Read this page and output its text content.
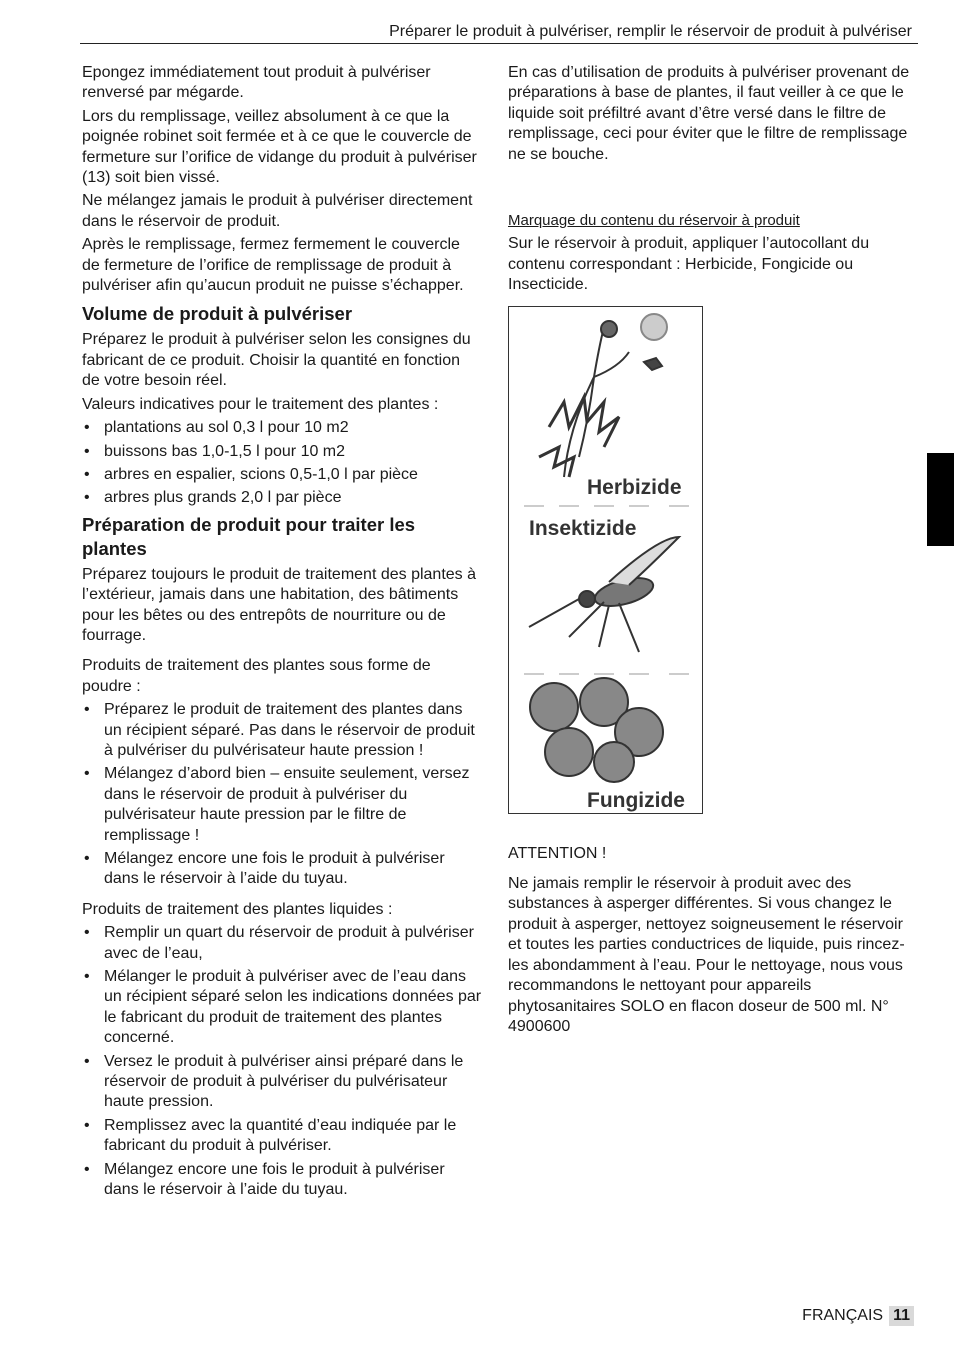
Préparer le produit à pulvériser, remplir le réservoir de produit à pulvériser

Epongez immédiatement tout produit à pulvériser renversé par mégarde.

Lors du remplissage, veillez absolument à ce que la poignée robinet soit fermée et à ce que le couvercle de fermeture sur l’orifice de vidange du produit à pulvériser (13) soit bien vissé.

Ne mélangez jamais le produit à pulvériser directement dans le réservoir de produit.

Après le remplissage, fermez fermement le couvercle de fermeture de l’orifice de remplissage de produit à pulvériser afin qu’aucun produit ne puisse s’échapper.

Volume de produit à pulvériser

Préparez le produit à pulvériser selon les consignes du fabricant de ce produit. Choisir la quantité en fonction de votre besoin réel.

Valeurs indicatives pour le traitement des plantes :

• plantations au sol 0,3 l pour 10 m2
• buissons bas 1,0-1,5 l pour 10 m2
• arbres en espalier, scions 0,5-1,0 l par pièce
• arbres plus grands 2,0 l par pièce
Préparation de produit pour traiter les plantes

Préparez toujours le produit de traitement des plantes à l’extérieur, jamais dans une habitation, des bâtiments pour les bêtes ou des entrepôts de nourriture ou de fourrage.

Produits de traitement des plantes sous forme de poudre :

• Préparez le produit de traitement des plantes dans un récipient séparé. Pas dans le réservoir de produit à pulvériser du pulvérisateur haute pression !
• Mélangez d’abord bien – ensuite seulement, versez dans le réservoir de produit à pulvériser du pulvérisateur haute pression par le filtre de remplissage !
• Mélangez encore une fois le produit à pulvériser dans le réservoir à l’aide du tuyau.

Produits de traitement des plantes liquides :

• Remplir un quart du réservoir de produit à pulvériser avec de l’eau,
• Mélanger le produit à pulvériser avec de l’eau dans un récipient séparé selon les indications données par le fabricant du produit de traitement des plantes concerné.
• Versez le produit à pulvériser ainsi préparé dans le réservoir de produit à pulvériser du pulvérisateur haute pression.
• Remplissez avec la quantité d’eau indiquée par le fabricant du produit à pulvériser.
• Mélangez encore une fois le produit à pulvériser dans le réservoir à l’aide du tuyau.

En cas d’utilisation de produits à pulvériser provenant de préparations à base de plantes, il faut veiller à ce que le liquide soit préfiltré avant d’être versé dans le filtre de remplissage, ceci pour éviter que le filtre de remplissage ne se bouche.

Marquage du contenu du réservoir à produit

Sur le réservoir à produit, appliquer l’autocollant du contenu correspondant : Herbicide, Fongicide ou Insecticide.

Herbizide
Insektizide
Fungizide

ATTENTION !

Ne jamais remplir le réservoir à produit avec des substances à asperger différentes. Si vous changez le produit à asperger, nettoyez soigneusement le réservoir et toutes les parties conductrices de liquide, puis rincez-les abondamment à l’eau. Pour le nettoyage, nous vous recommandons le nettoyant pour appareils phytosanitaires SOLO en flacon doseur de 500 ml. N° 4900600

FRANÇAIS 11
